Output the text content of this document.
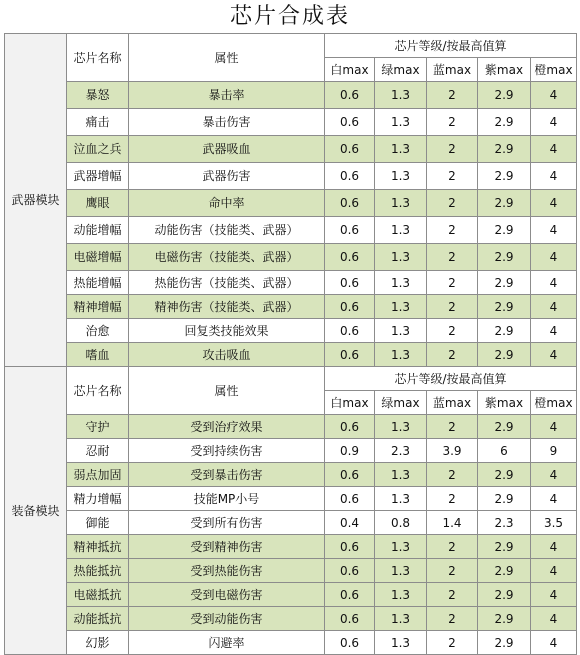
芯片合成表
武器模块	芯片名称	属性	芯片等级/按最高值算				
			白max	绿max	蓝max	紫max	橙max
	暴怒	暴击率	0.6	1.3	2	2.9	4
	痛击	暴击伤害	0.6	1.3	2	2.9	4
	泣血之兵	武器吸血	0.6	1.3	2	2.9	4
	武器增幅	武器伤害	0.6	1.3	2	2.9	4
	鹰眼	命中率	0.6	1.3	2	2.9	4
	动能增幅	动能伤害（技能类、武器）	0.6	1.3	2	2.9	4
	电磁增幅	电磁伤害（技能类、武器）	0.6	1.3	2	2.9	4
	热能增幅	热能伤害（技能类、武器）	0.6	1.3	2	2.9	4
	精神增幅	精神伤害（技能类、武器）	0.6	1.3	2	2.9	4
	治愈	回复类技能效果	0.6	1.3	2	2.9	4
	嗜血	攻击吸血	0.6	1.3	2	2.9	4
装备模块	芯片名称	属性	芯片等级/按最高值算				
			白max	绿max	蓝max	紫max	橙max
	守护	受到治疗效果	0.6	1.3	2	2.9	4
	忍耐	受到持续伤害	0.9	2.3	3.9	6	9
	弱点加固	受到暴击伤害	0.6	1.3	2	2.9	4
	精力增幅	技能MP小号	0.6	1.3	2	2.9	4
	御能	受到所有伤害	0.4	0.8	1.4	2.3	3.5
	精神抵抗	受到精神伤害	0.6	1.3	2	2.9	4
	热能抵抗	受到热能伤害	0.6	1.3	2	2.9	4
	电磁抵抗	受到电磁伤害	0.6	1.3	2	2.9	4
	动能抵抗	受到动能伤害	0.6	1.3	2	2.9	4
	幻影	闪避率	0.6	1.3	2	2.9	4
